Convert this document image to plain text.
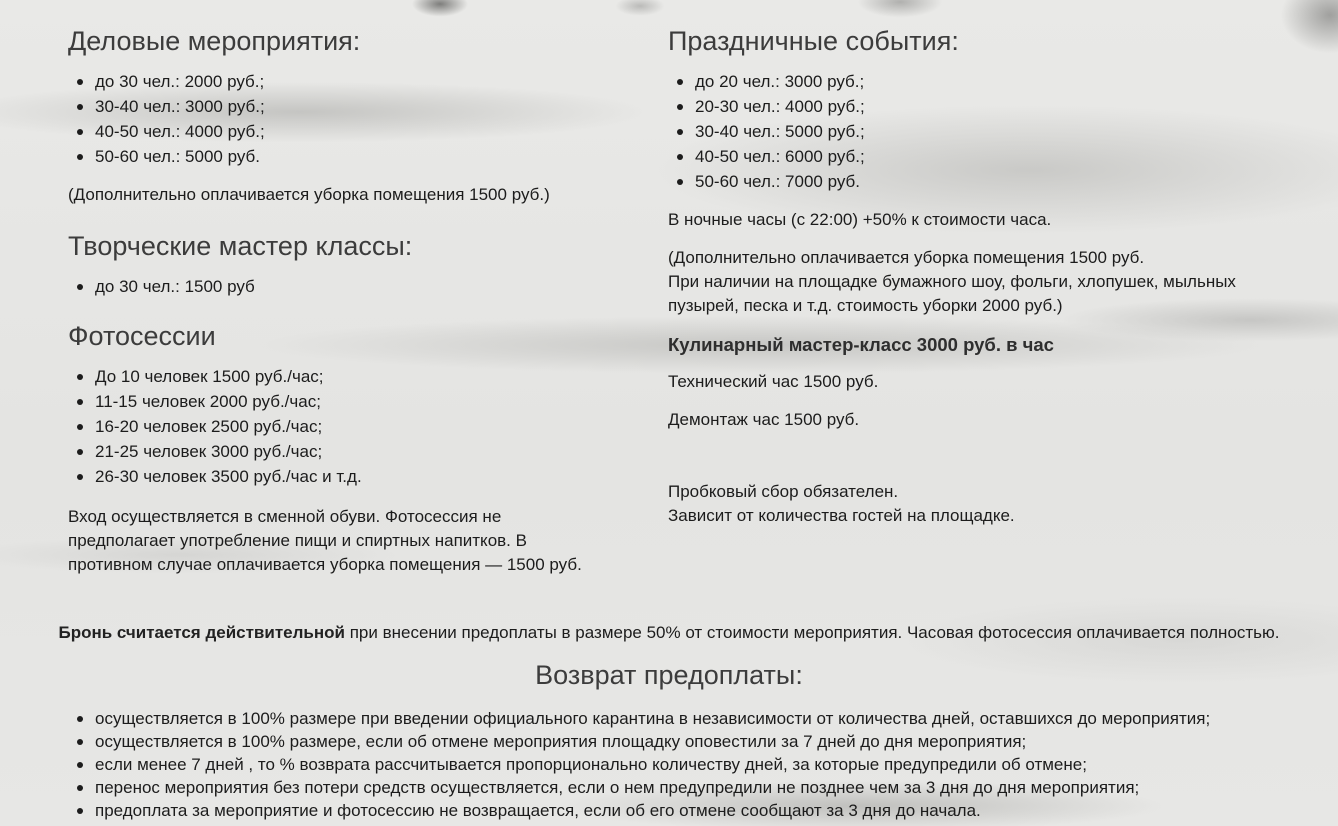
Деловые мероприятия:
до 30 чел.: 2000 руб.;
30-40 чел.: 3000 руб.;
40-50 чел.: 4000 руб.;
50-60 чел.: 5000 руб.

(Дополнительно оплачивается уборка помещения 1500 руб.)

Творческие мастер классы:
до 30 чел.: 1500 руб
Фотосессии
До 10 человек 1500 руб./час;
11-15 человек 2000 руб./час;
16-20 человек 2500 руб./час;
21-25 человек 3000 руб./час;
26-30 человек 3500 руб./час и т.д.

Вход осуществляется в сменной обуви. Фотосессия не предполагает употребление пищи и спиртных напитков. В противном случае оплачивается уборка помещения — 1500 руб.

Праздничные события:
до 20 чел.: 3000 руб.;
20-30 чел.: 4000 руб.;
30-40 чел.: 5000 руб.;
40-50 чел.: 6000 руб.;
50-60 чел.: 7000 руб.

В ночные часы (с 22:00) +50% к стоимости часа.

(Дополнительно оплачивается уборка помещения 1500 руб.
При наличии на площадке бумажного шоу, фольги, хлопушек, мыльных пузырей, песка и т.д. стоимость уборки 2000 руб.)

Кулинарный мастер-класс 3000 руб. в час

Технический час 1500 руб.

Демонтаж час 1500 руб.

Пробковый сбор обязателен.
Зависит от количества гостей на площадке.

Бронь считается действительной при внесении предоплаты в размере 50% от стоимости мероприятия. Часовая фотосессия оплачивается полностью.

Возврат предоплаты:
осуществляется в 100% размере при введении официального карантина в независимости от количества дней, оставшихся до мероприятия;
осуществляется в 100% размере, если об отмене мероприятия площадку оповестили за 7 дней до дня мероприятия;
если менее 7 дней , то % возврата рассчитывается пропорционально количеству дней, за которые предупредили об отмене;
перенос мероприятия без потери средств осуществляется, если о нем предупредили не позднее чем за 3 дня до дня мероприятия;
предоплата за мероприятие и фотосессию не возвращается, если об его отмене сообщают за 3 дня до начала.
